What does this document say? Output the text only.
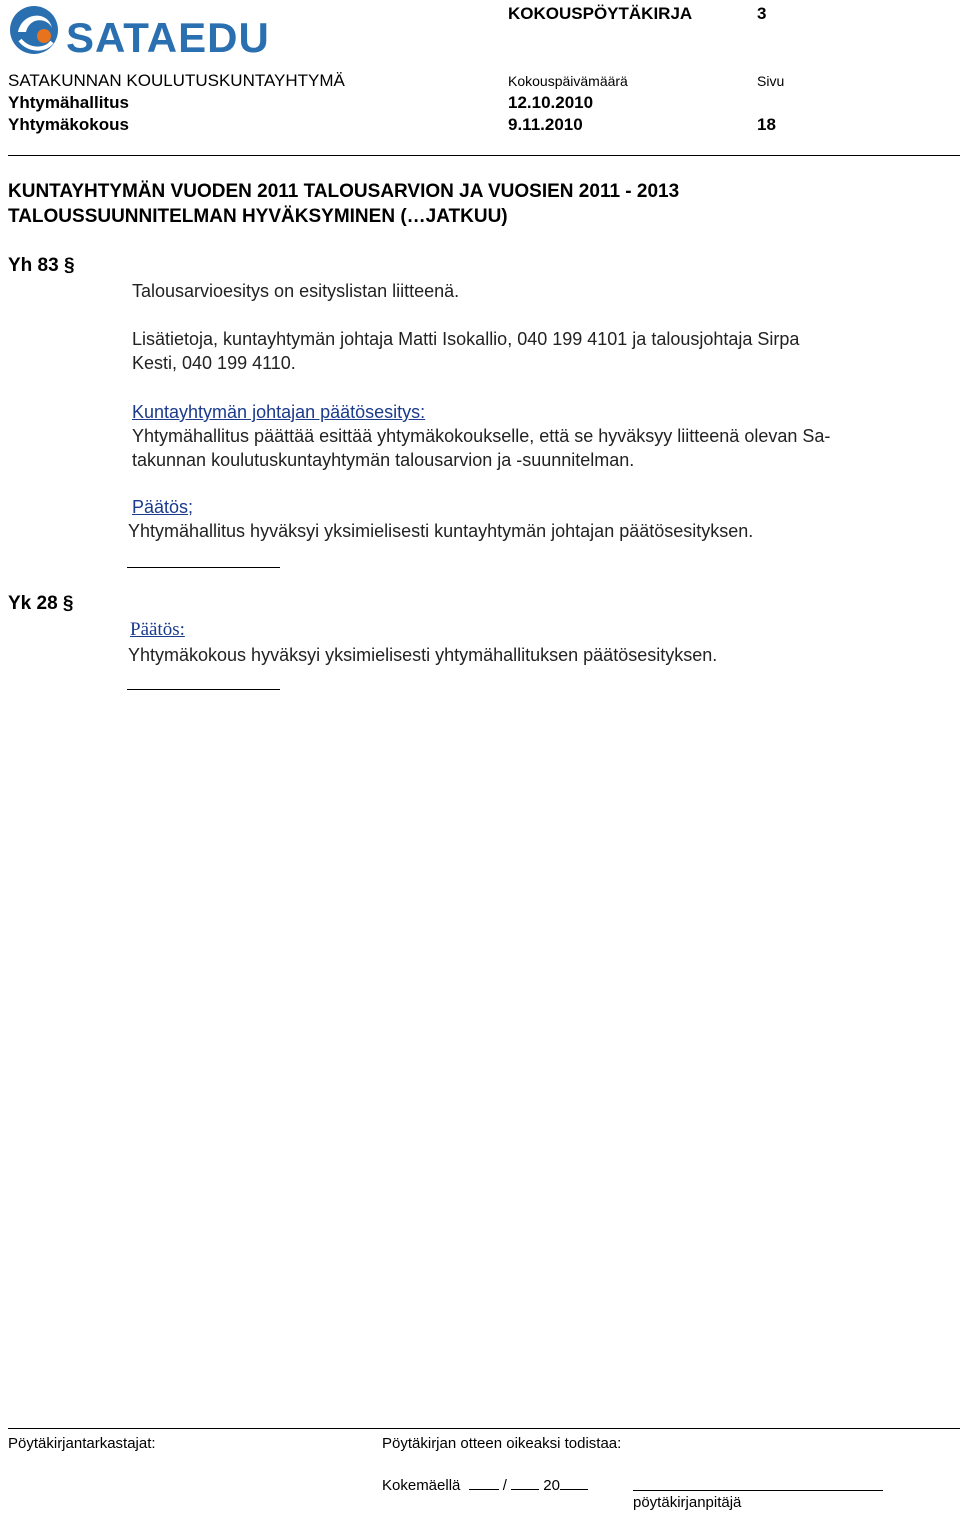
SATAEDU
KOKOUSPÖYTÄKIRJA	3
SATAKUNNAN KOULUTUSKUNTAYHTYMÄ	Kokouspäivämäärä	Sivu
Yhtymähallitus	12.10.2010
Yhtymäkokous	9.11.2010	18
KUNTAYHTYMÄN VUODEN 2011 TALOUSARVION JA VUOSIEN 2011 - 2013
TALOUSSUUNNITELMAN HYVÄKSYMINEN (…JATKUU)
Yh 83 §
Talousarvioesitys on esityslistan liitteenä.
Lisätietoja, kuntayhtymän johtaja Matti Isokallio, 040 199 4101 ja talousjohtaja Sirpa
Kesti, 040 199 4110.
Kuntayhtymän johtajan päätösesitys:
Yhtymähallitus päättää esittää yhtymäkokoukselle, että se hyväksyy liitteenä olevan Sa-
takunnan koulutuskuntayhtymän talousarvion ja -suunnitelman.
Päätös;
Yhtymähallitus hyväksyi yksimielisesti kuntayhtymän johtajan päätösesityksen.
Yk 28 §
Päätös:
Yhtymäkokous hyväksyi yksimielisesti yhtymähallituksen päätösesityksen.
Pöytäkirjantarkastajat:	Pöytäkirjan otteen oikeaksi todistaa:
Kokemäellä	/ 20
pöytäkirjanpitäjä
